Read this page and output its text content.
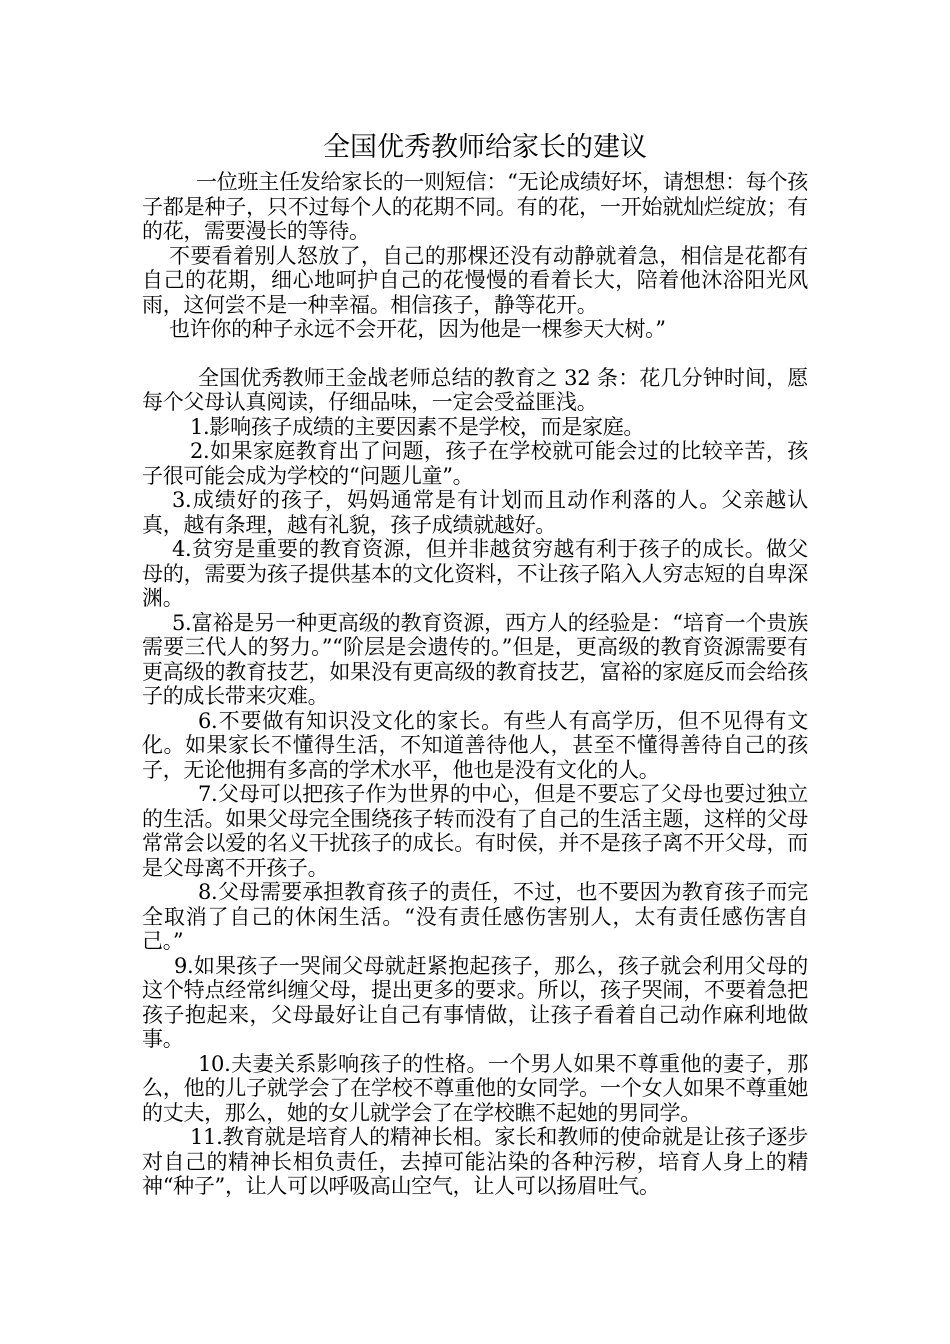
全国优秀教师给家长的建议

一位班主任发给家长的一则短信：“无论成绩好坏，请想想：每个孩子都是种子，只不过每个人的花期不同。有的花，一开始就灿烂绽放；有的花，需要漫长的等待。

不要看着别人怒放了，自己的那棵还没有动静就着急，相信是花都有自己的花期，细心地呵护自己的花慢慢的看着长大，陪着他沐浴阳光风雨，这何尝不是一种幸福。相信孩子，静等花开。

也许你的种子永远不会开花，因为他是一棵参天大树。”

全国优秀教师王金战老师总结的教育之 32 条：花几分钟时间，愿每个父母认真阅读，仔细品味，一定会受益匪浅。

1.影响孩子成绩的主要因素不是学校，而是家庭。

2.如果家庭教育出了问题，孩子在学校就可能会过的比较辛苦，孩子很可能会成为学校的“问题儿童”。

3.成绩好的孩子，妈妈通常是有计划而且动作利落的人。父亲越认真，越有条理，越有礼貌，孩子成绩就越好。

4.贫穷是重要的教育资源，但并非越贫穷越有利于孩子的成长。做父母的，需要为孩子提供基本的文化资料，不让孩子陷入人穷志短的自卑深渊。

5.富裕是另一种更高级的教育资源，西方人的经验是：“培育一个贵族需要三代人的努力。”“阶层是会遗传的。”但是，更高级的教育资源需要有更高级的教育技艺，如果没有更高级的教育技艺，富裕的家庭反而会给孩子的成长带来灾难。

6.不要做有知识没文化的家长。有些人有高学历，但不见得有文化。如果家长不懂得生活，不知道善待他人，甚至不懂得善待自己的孩子，无论他拥有多高的学术水平，他也是没有文化的人。

7.父母可以把孩子作为世界的中心，但是不要忘了父母也要过独立的生活。如果父母完全围绕孩子转而没有了自己的生活主题，这样的父母常常会以爱的名义干扰孩子的成长。有时侯，并不是孩子离不开父母，而是父母离不开孩子。

8.父母需要承担教育孩子的责任，不过，也不要因为教育孩子而完全取消了自己的休闲生活。“没有责任感伤害别人，太有责任感伤害自己。”

9.如果孩子一哭闹父母就赶紧抱起孩子，那么，孩子就会利用父母的这个特点经常纠缠父母，提出更多的要求。所以，孩子哭闹，不要着急把孩子抱起来，父母最好让自己有事情做，让孩子看着自己动作麻利地做事。

10.夫妻关系影响孩子的性格。一个男人如果不尊重他的妻子，那么，他的儿子就学会了在学校不尊重他的女同学。一个女人如果不尊重她的丈夫，那么，她的女儿就学会了在学校瞧不起她的男同学。

11.教育就是培育人的精神长相。家长和教师的使命就是让孩子逐步对自己的精神长相负责任，去掉可能沾染的各种污秽，培育人身上的精神“种子”，让人可以呼吸高山空气，让人可以扬眉吐气。
